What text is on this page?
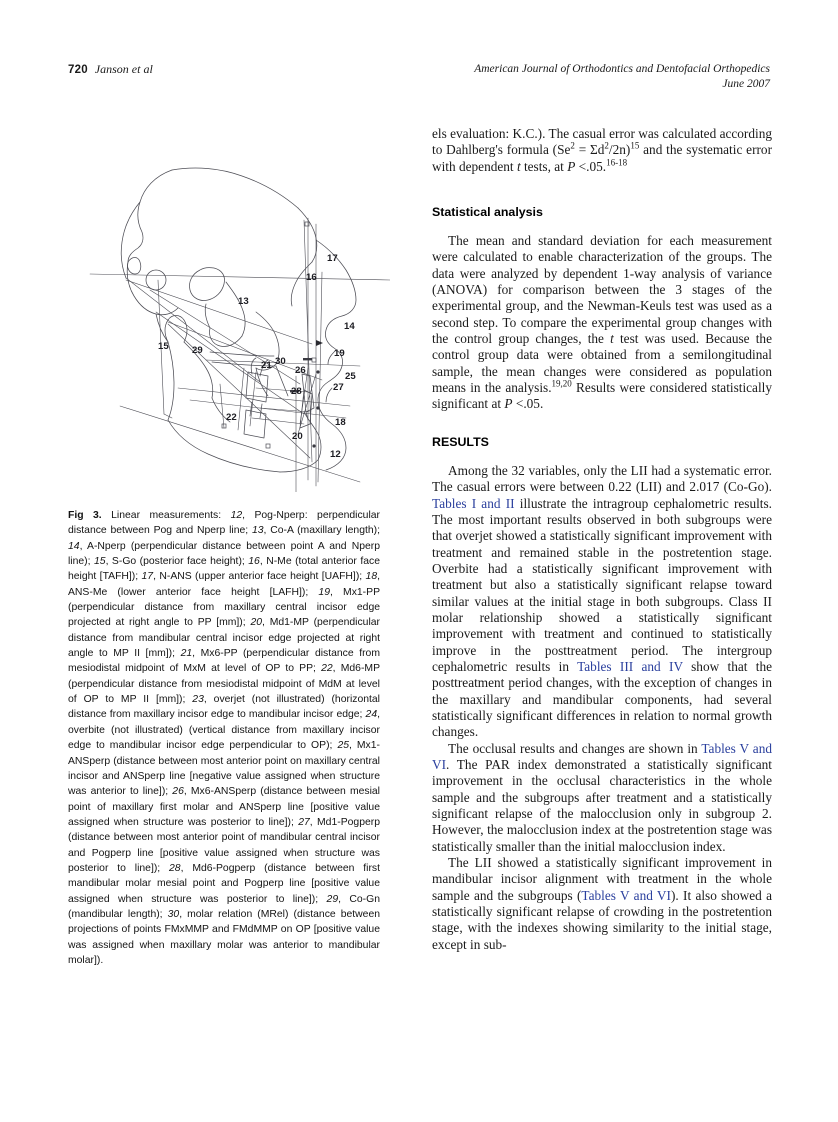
720 Janson et al	American Journal of Orthodontics and Dentofacial Orthopedics
June 2007
12
13
14
15
16
17
18
19
20
21
22
25
26
27
28
29
30
Fig 3. Linear measurements: 12, Pog-Nperp: perpendicular distance between Pog and Nperp line; 13, Co-A (maxillary length); 14, A-Nperp (perpendicular distance between point A and Nperp line); 15, S-Go (posterior face height); 16, N-Me (total anterior face height [TAFH]); 17, N-ANS (upper anterior face height [UAFH]); 18, ANS-Me (lower anterior face height [LAFH]); 19, Mx1-PP (perpendicular distance from maxillary central incisor edge projected at right angle to PP [mm]); 20, Md1-MP (perpendicular distance from mandibular central incisor edge projected at right angle to MP II [mm]); 21, Mx6-PP (perpendicular distance from mesiodistal midpoint of MxM at level of OP to PP; 22, Md6-MP (perpendicular distance from mesiodistal midpoint of MdM at level of OP to MP II [mm]); 23, overjet (not illustrated) (horizontal distance from maxillary incisor edge to mandibular incisor edge; 24, overbite (not illustrated) (vertical distance from maxillary incisor edge to mandibular incisor edge perpendicular to OP); 25, Mx1-ANSperp (distance between most anterior point on maxillary central incisor and ANSperp line [negative value assigned when structure was anterior to line]); 26, Mx6-ANSperp (distance between mesial point of maxillary first molar and ANSperp line [positive value assigned when structure was posterior to line]); 27, Md1-Pogperp (distance between most anterior point of mandibular central incisor and Pogperp line [positive value assigned when structure was posterior to line]); 28, Md6-Pogperp (distance between first mandibular molar mesial point and Pogperp line [positive value assigned when structure was posterior to line]); 29, Co-Gn (mandibular length); 30, molar relation (MRel) (distance between projections of points FMxMMP and FMdMMP on OP [positive value was assigned when maxillary molar was anterior to mandibular molar]).

els evaluation: K.C.). The casual error was calculated according to Dahlberg's formula $(Se^2 = \Sigma d^2/2n)^{15}$ and the systematic error with dependent t tests, at P <.05.$^{16-18}$

Statistical analysis

The mean and standard deviation for each measurement were calculated to enable characterization of the groups. The data were analyzed by dependent 1-way analysis of variance (ANOVA) for comparison between the 3 stages of the experimental group, and the Newman-Keuls test was used as a second step. To compare the experimental group changes with the control group changes, the t test was used. Because the control group data were obtained from a semilongitudinal sample, the mean changes were considered as population means in the analysis.$^{19,20}$ Results were considered statistically significant at P <.05.

RESULTS

Among the 32 variables, only the LII had a systematic error. The casual errors were between 0.22 (LII) and 2.017 (Co-Go). Tables I and II illustrate the intragroup cephalometric results. The most important results observed in both subgroups were that overjet showed a statistically significant improvement with treatment and remained stable in the postretention stage. Overbite had a statistically significant improvement with treatment but also a statistically significant relapse toward similar values at the initial stage in both subgroups. Class II molar relationship showed a statistically significant improvement with treatment and continued to statistically improve in the posttreatment period. The intergroup cephalometric results in Tables III and IV show that the posttreatment period changes, with the exception of changes in the maxillary and mandibular components, had several statistically significant differences in relation to normal growth changes.

The occlusal results and changes are shown in Tables V and VI. The PAR index demonstrated a statistically significant improvement in the occlusal characteristics in the whole sample and the subgroups after treatment and a statistically significant relapse of the malocclusion only in subgroup 2. However, the malocclusion index at the postretention stage was statistically smaller than the initial malocclusion index.

The LII showed a statistically significant improvement in mandibular incisor alignment with treatment in the whole sample and the subgroups (Tables V and VI). It also showed a statistically significant relapse of crowding in the postretention stage, with the indexes showing similarity to the initial stage, except in sub-
